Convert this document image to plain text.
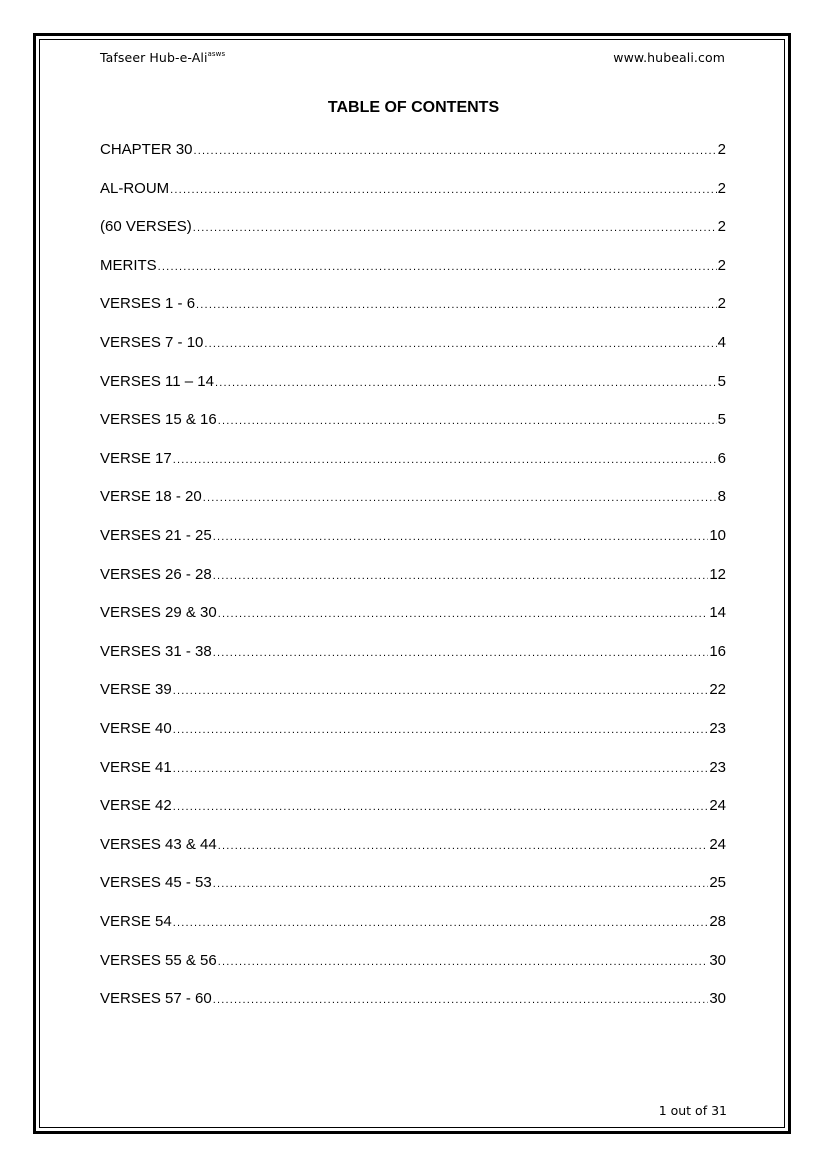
Tafseer Hub-e-Ali$^{asws}$	www.hubeali.com
TABLE OF CONTENTS
CHAPTER 30 .....	2
AL-ROUM .....	2
(60 VERSES) .....	2
MERITS .....	2
VERSES 1 - 6 .....	2
VERSES 7 - 10 .....	4
VERSES 11 – 14 .....	5
VERSES 15 & 16 .....	5
VERSE 17 .....	6
VERSE 18 - 20 .....	8
VERSES 21 - 25 .....	10
VERSES 26 - 28 .....	12
VERSES 29 & 30 .....	14
VERSES 31 - 38 .....	16
VERSE 39 .....	22
VERSE 40 .....	23
VERSE 41 .....	23
VERSE 42 .....	24
VERSES 43 & 44 .....	24
VERSES 45 - 53 .....	25
VERSE 54 .....	28
VERSES 55 & 56 .....	30
VERSES 57 - 60 .....	30
1 out of 31
